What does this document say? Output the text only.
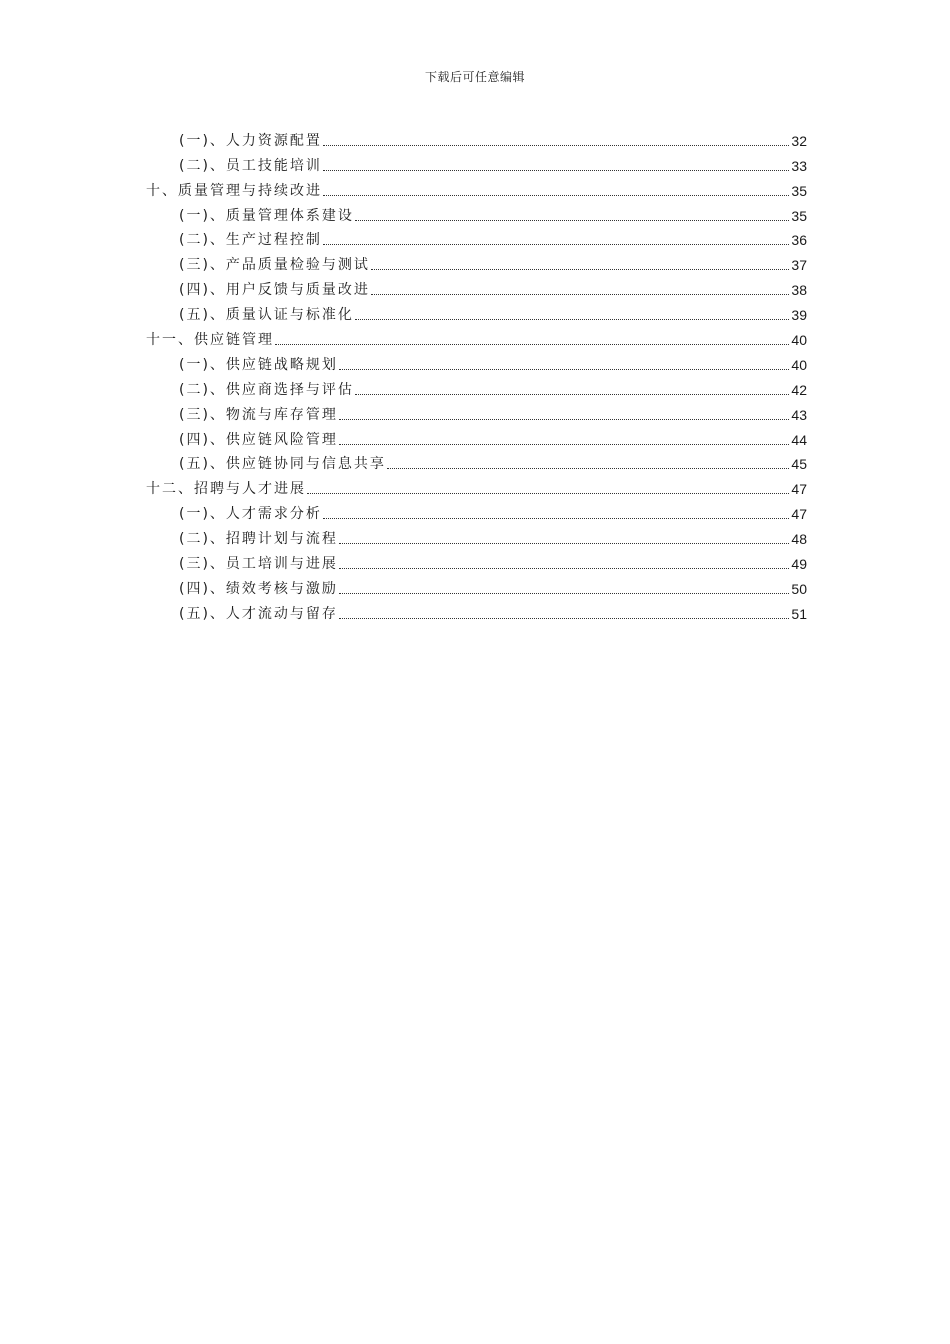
下载后可任意编辑
(一)、人力资源配置	32
(二)、员工技能培训	33
十、质量管理与持续改进	35
(一)、质量管理体系建设	35
(二)、生产过程控制	36
(三)、产品质量检验与测试	37
(四)、用户反馈与质量改进	38
(五)、质量认证与标准化	39
十一、供应链管理	40
(一)、供应链战略规划	40
(二)、供应商选择与评估	42
(三)、物流与库存管理	43
(四)、供应链风险管理	44
(五)、供应链协同与信息共享	45
十二、招聘与人才进展	47
(一)、人才需求分析	47
(二)、招聘计划与流程	48
(三)、员工培训与进展	49
(四)、绩效考核与激励	50
(五)、人才流动与留存	51
